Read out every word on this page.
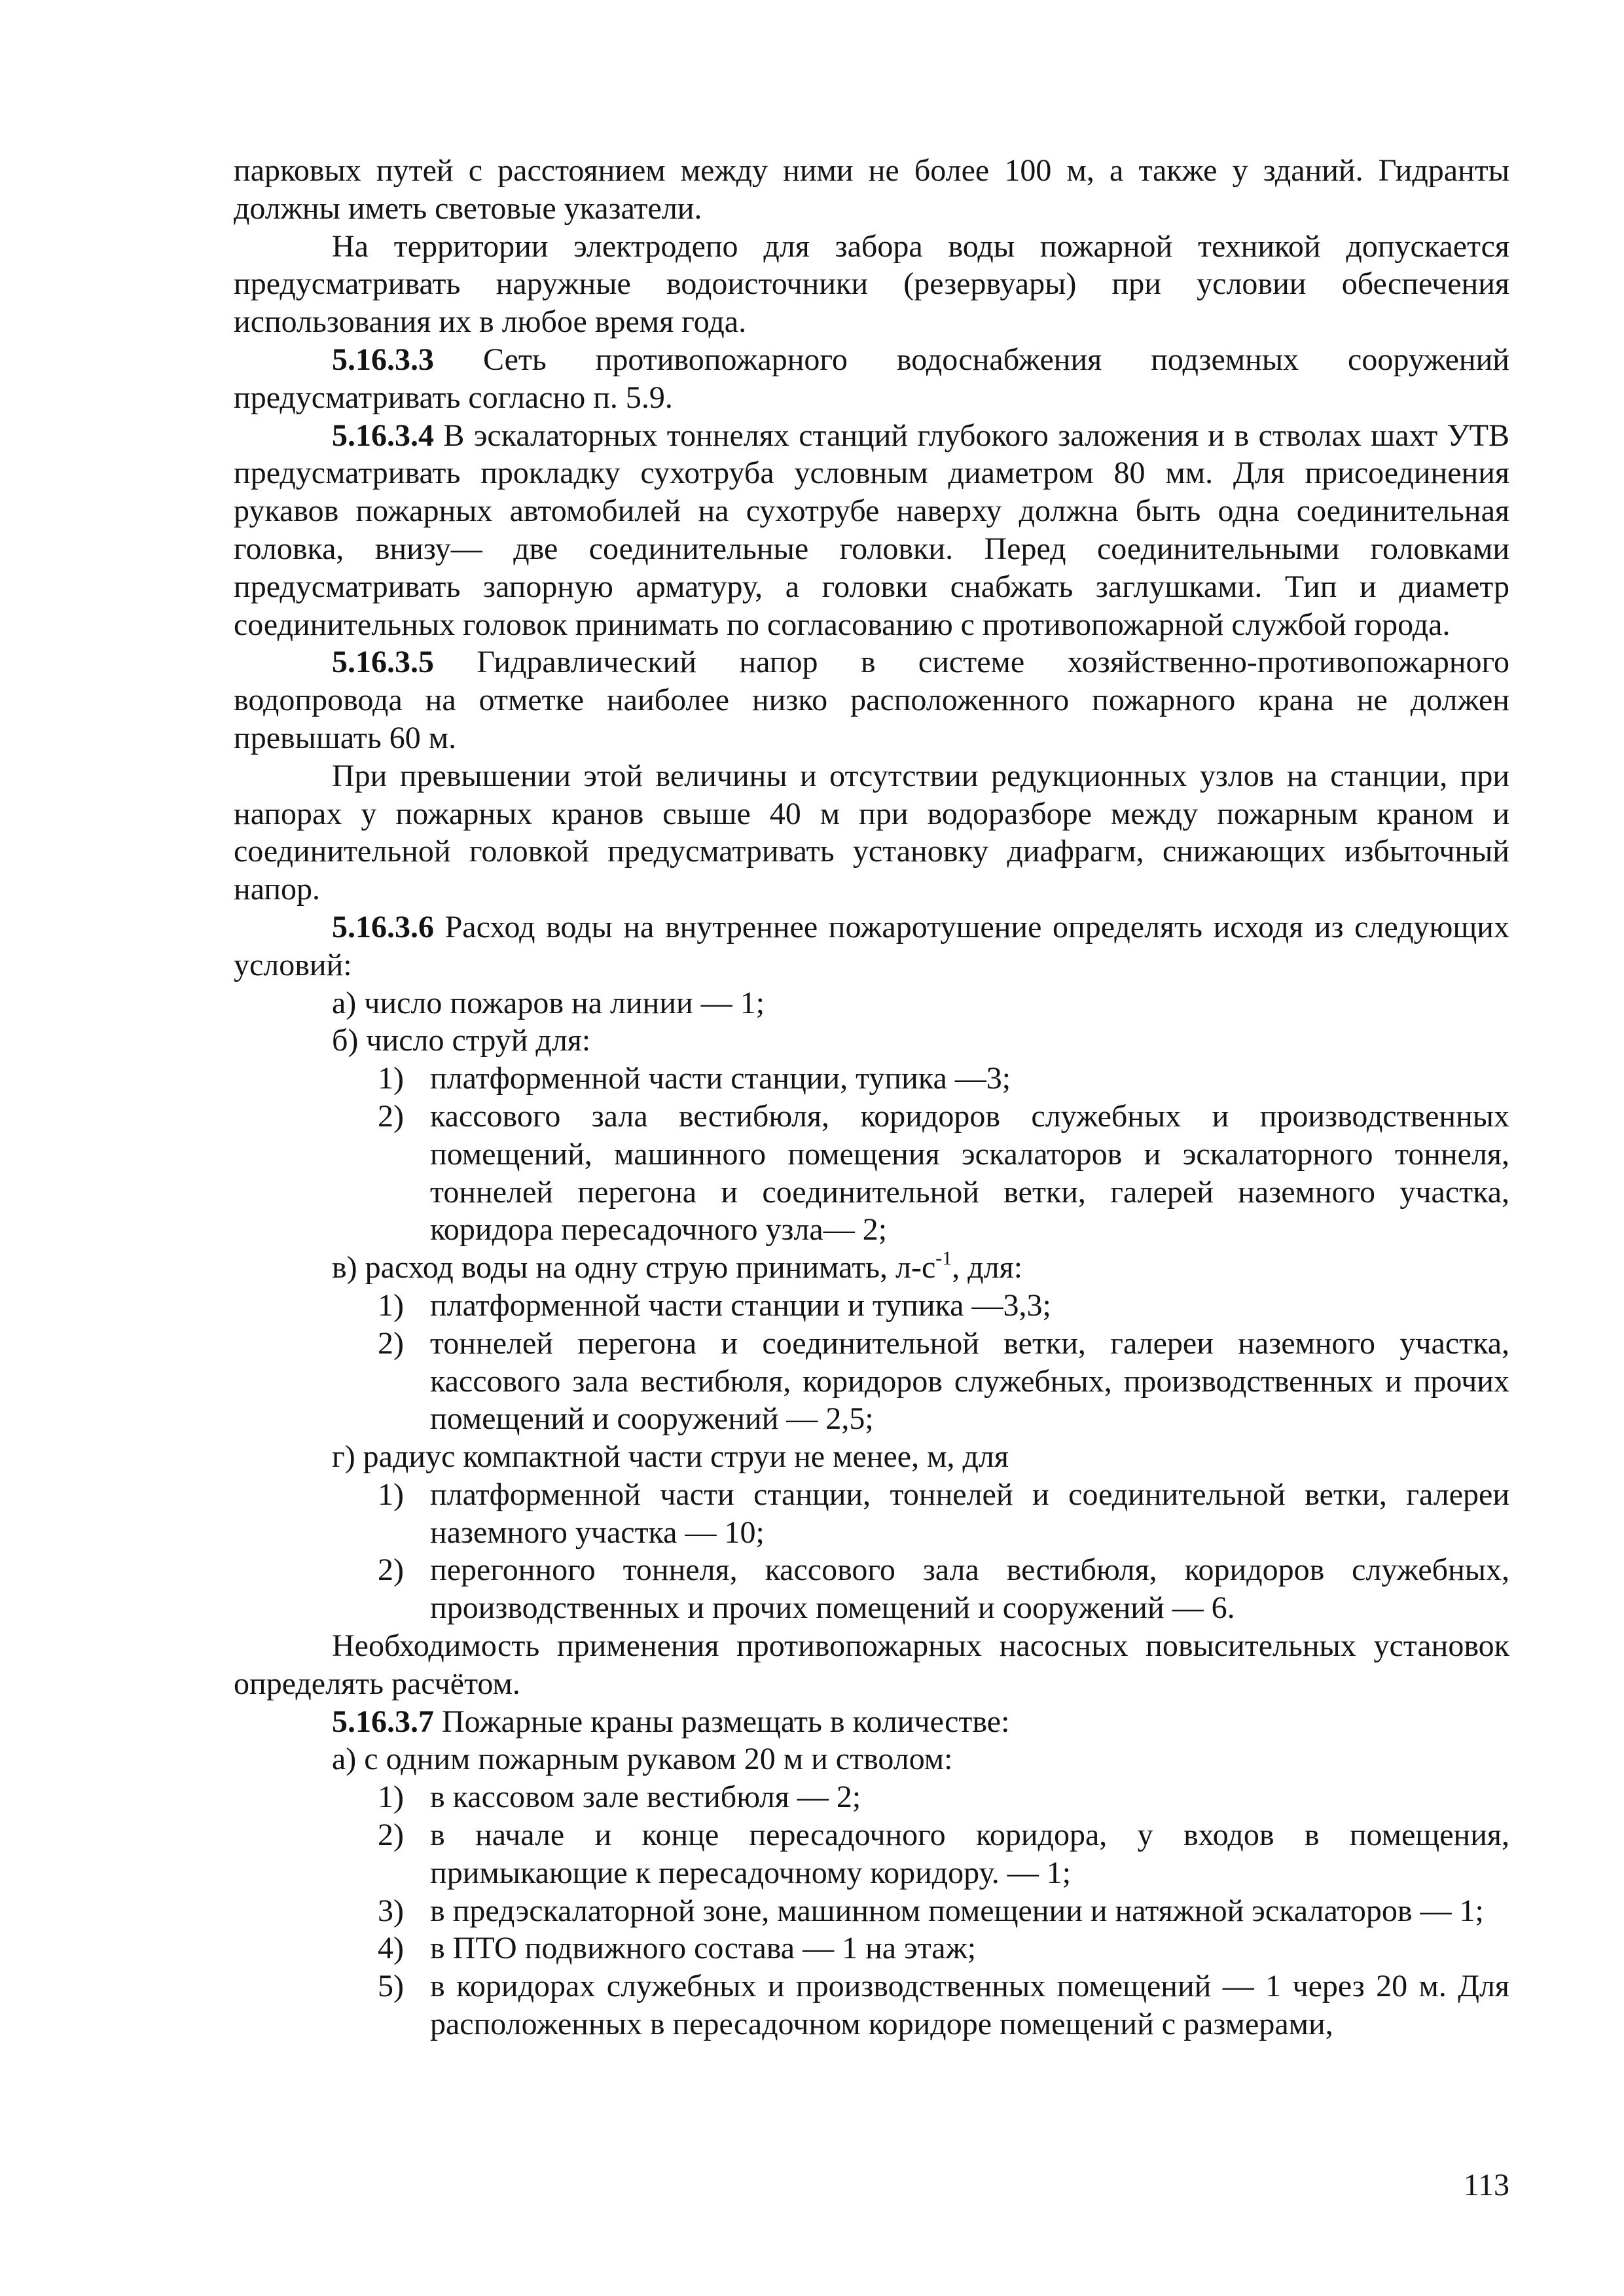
парковых путей с расстоянием между ними не более 100 м, а также у зданий. Гидранты должны иметь световые указатели.

На территории электродепо для забора воды пожарной техникой допускается предусматривать наружные водоисточники (резервуары) при условии обеспечения использования их в любое время года.

5.16.3.3 Сеть противопожарного водоснабжения подземных сооружений предусматривать согласно п. 5.9.

5.16.3.4 В эскалаторных тоннелях станций глубокого заложения и в стволах шахт УТВ предусматривать прокладку сухотруба условным диаметром 80 мм. Для присоединения рукавов пожарных автомобилей на сухотрубе наверху должна быть одна соединительная головка, внизу— две соединительные головки. Перед соединительными головками предусматривать запорную арматуру, а головки снабжать заглушками. Тип и диаметр соединительных головок принимать по согласованию с противопожарной службой города.

5.16.3.5 Гидравлический напор в системе хозяйственно-противопожарного водопровода на отметке наиболее низко расположенного пожарного крана не должен превышать 60 м.

При превышении этой величины и отсутствии редукционных узлов на станции, при напорах у пожарных кранов свыше 40 м при водоразборе между пожарным краном и соединительной головкой предусматривать установку диафрагм, снижающих избыточный напор.

5.16.3.6 Расход воды на внутреннее пожаротушение определять исходя из следующих условий:

а) число пожаров на линии — 1;

б) число струй для:

1) платформенной части станции, тупика —3;
2) кассового зала вестибюля, коридоров служебных и производственных помещений, машинного помещения эскалаторов и эскалаторного тоннеля, тоннелей перегона и соединительной ветки, галерей наземного участка, коридора пересадочного узла— 2;

в) расход воды на одну струю принимать, $л-с^{-1}$, для:

1) платформенной части станции и тупика —3,3;
2) тоннелей перегона и соединительной ветки, галереи наземного участка, кассового зала вестибюля, коридоров служебных, производственных и прочих помещений и сооружений — 2,5;

г) радиус компактной части струи не менее, м, для

1) платформенной части станции, тоннелей и соединительной ветки, галереи наземного участка — 10;
2) перегонного тоннеля, кассового зала вестибюля, коридоров служебных, производственных и прочих помещений и сооружений — 6.

Необходимость применения противопожарных насосных повысительных установок определять расчётом.

5.16.3.7 Пожарные краны размещать в количестве:

а) с одним пожарным рукавом 20 м и стволом:

1) в кассовом зале вестибюля — 2;
2) в начале и конце пересадочного коридора, у входов в помещения, примыкающие к пересадочному коридору. — 1;
3) в предэскалаторной зоне, машинном помещении и натяжной эскалаторов — 1;
4) в ПТО подвижного состава — 1 на этаж;
5) в коридорах служебных и производственных помещений — 1 через 20 м. Для расположенных в пересадочном коридоре помещений с размерами,
113
